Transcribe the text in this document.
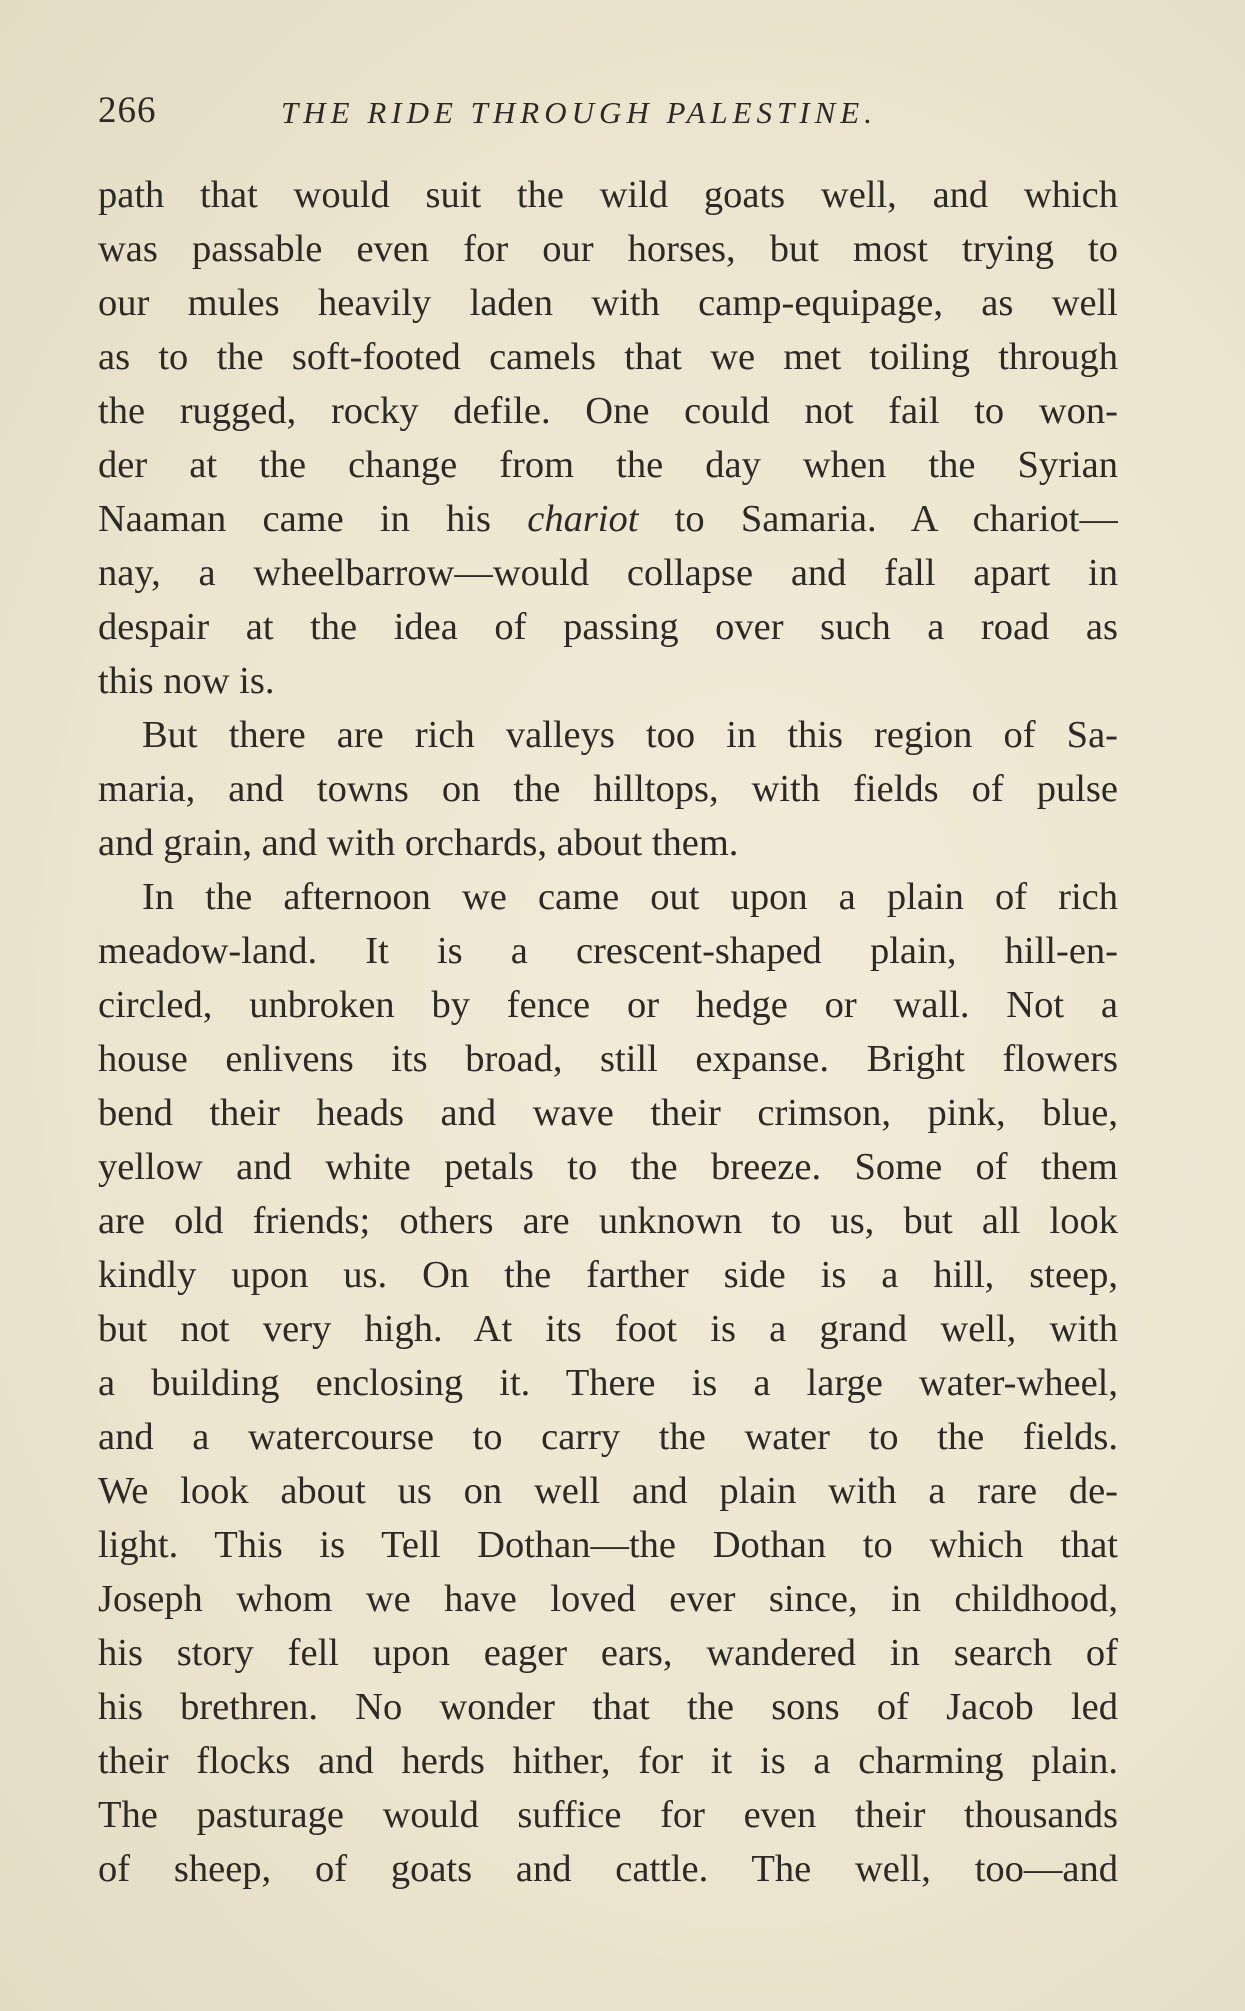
266	THE RIDE THROUGH PALESTINE.
path that would suit the wild goats well, and which
was passable even for our horses, but most trying to
our mules heavily laden with camp-equipage, as well
as to the soft-footed camels that we met toiling through
the rugged, rocky defile. One could not fail to won-
der at the change from the day when the Syrian
Naaman came in his chariot to Samaria. A chariot—
nay, a wheelbarrow—would collapse and fall apart in
despair at the idea of passing over such a road as
this now is.
But there are rich valleys too in this region of Sa-
maria, and towns on the hilltops, with fields of pulse
and grain, and with orchards, about them.
In the afternoon we came out upon a plain of rich
meadow-land. It is a crescent-shaped plain, hill-en-
circled, unbroken by fence or hedge or wall. Not a
house enlivens its broad, still expanse. Bright flowers
bend their heads and wave their crimson, pink, blue,
yellow and white petals to the breeze. Some of them
are old friends; others are unknown to us, but all look
kindly upon us. On the farther side is a hill, steep,
but not very high. At its foot is a grand well, with
a building enclosing it. There is a large water-wheel,
and a watercourse to carry the water to the fields.
We look about us on well and plain with a rare de-
light. This is Tell Dothan—the Dothan to which that
Joseph whom we have loved ever since, in childhood,
his story fell upon eager ears, wandered in search of
his brethren. No wonder that the sons of Jacob led
their flocks and herds hither, for it is a charming plain.
The pasturage would suffice for even their thousands
of sheep, of goats and cattle. The well, too—and
